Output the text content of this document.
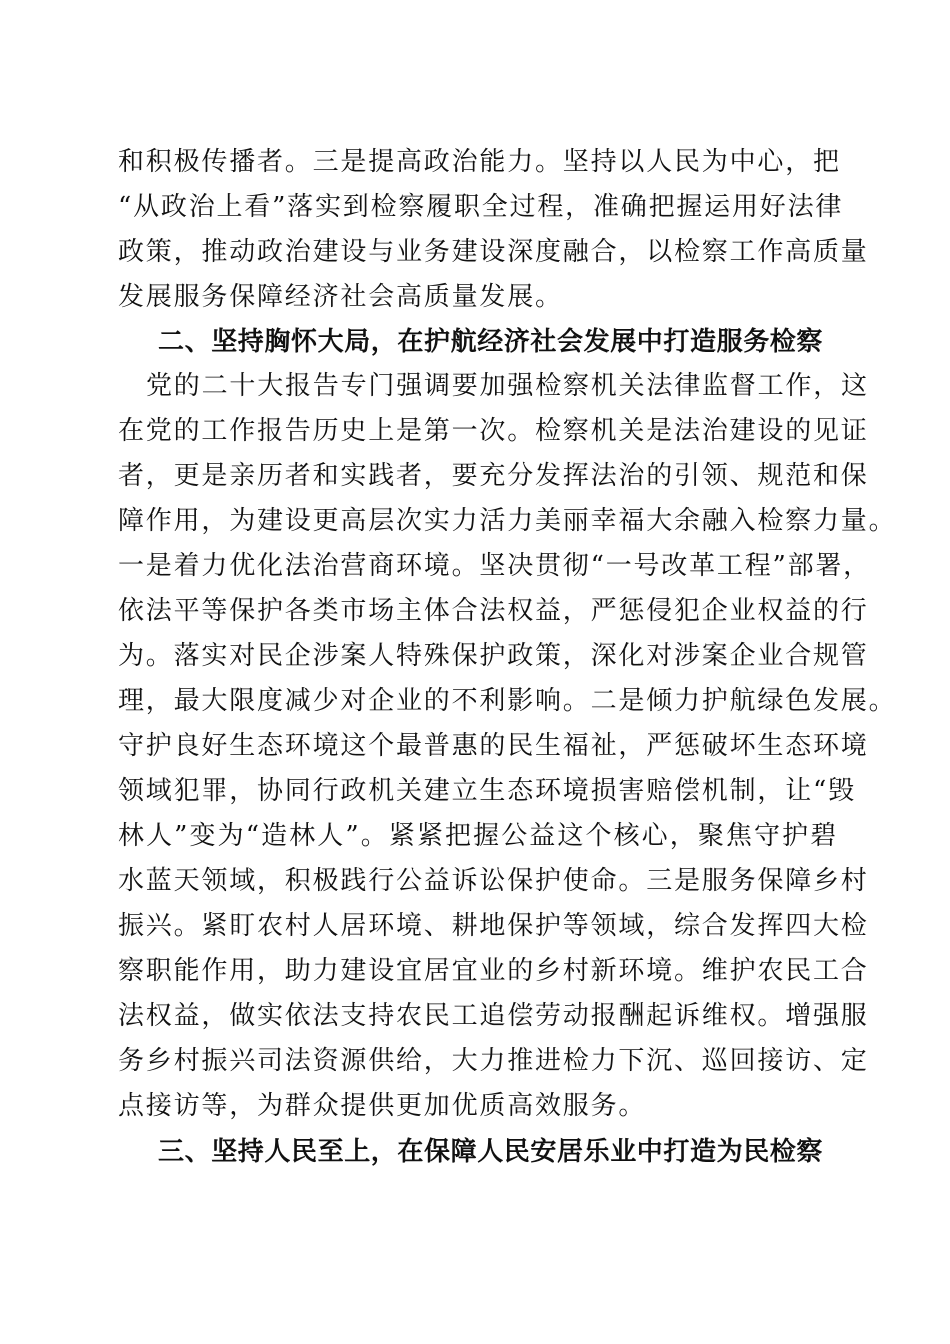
和积极传播者。三是提高政治能力。坚持以人民为中心，把
“从政治上看”落实到检察履职全过程，准确把握运用好法律
政策，推动政治建设与业务建设深度融合，以检察工作高质量
发展服务保障经济社会高质量发展。
二、坚持胸怀大局，在护航经济社会发展中打造服务检察
党的二十大报告专门强调要加强检察机关法律监督工作，这
在党的工作报告历史上是第一次。检察机关是法治建设的见证
者，更是亲历者和实践者，要充分发挥法治的引领、规范和保
障作用，为建设更高层次实力活力美丽幸福大余融入检察力量。
一是着力优化法治营商环境。坚决贯彻“一号改革工程”部署，
依法平等保护各类市场主体合法权益，严惩侵犯企业权益的行
为。落实对民企涉案人特殊保护政策，深化对涉案企业合规管
理，最大限度减少对企业的不利影响。二是倾力护航绿色发展。
守护良好生态环境这个最普惠的民生福祉，严惩破坏生态环境
领域犯罪，协同行政机关建立生态环境损害赔偿机制，让“毁
林人”变为“造林人”。紧紧把握公益这个核心，聚焦守护碧
水蓝天领域，积极践行公益诉讼保护使命。三是服务保障乡村
振兴。紧盯农村人居环境、耕地保护等领域，综合发挥四大检
察职能作用，助力建设宜居宜业的乡村新环境。维护农民工合
法权益，做实依法支持农民工追偿劳动报酬起诉维权。增强服
务乡村振兴司法资源供给，大力推进检力下沉、巡回接访、定
点接访等，为群众提供更加优质高效服务。
三、坚持人民至上，在保障人民安居乐业中打造为民检察
